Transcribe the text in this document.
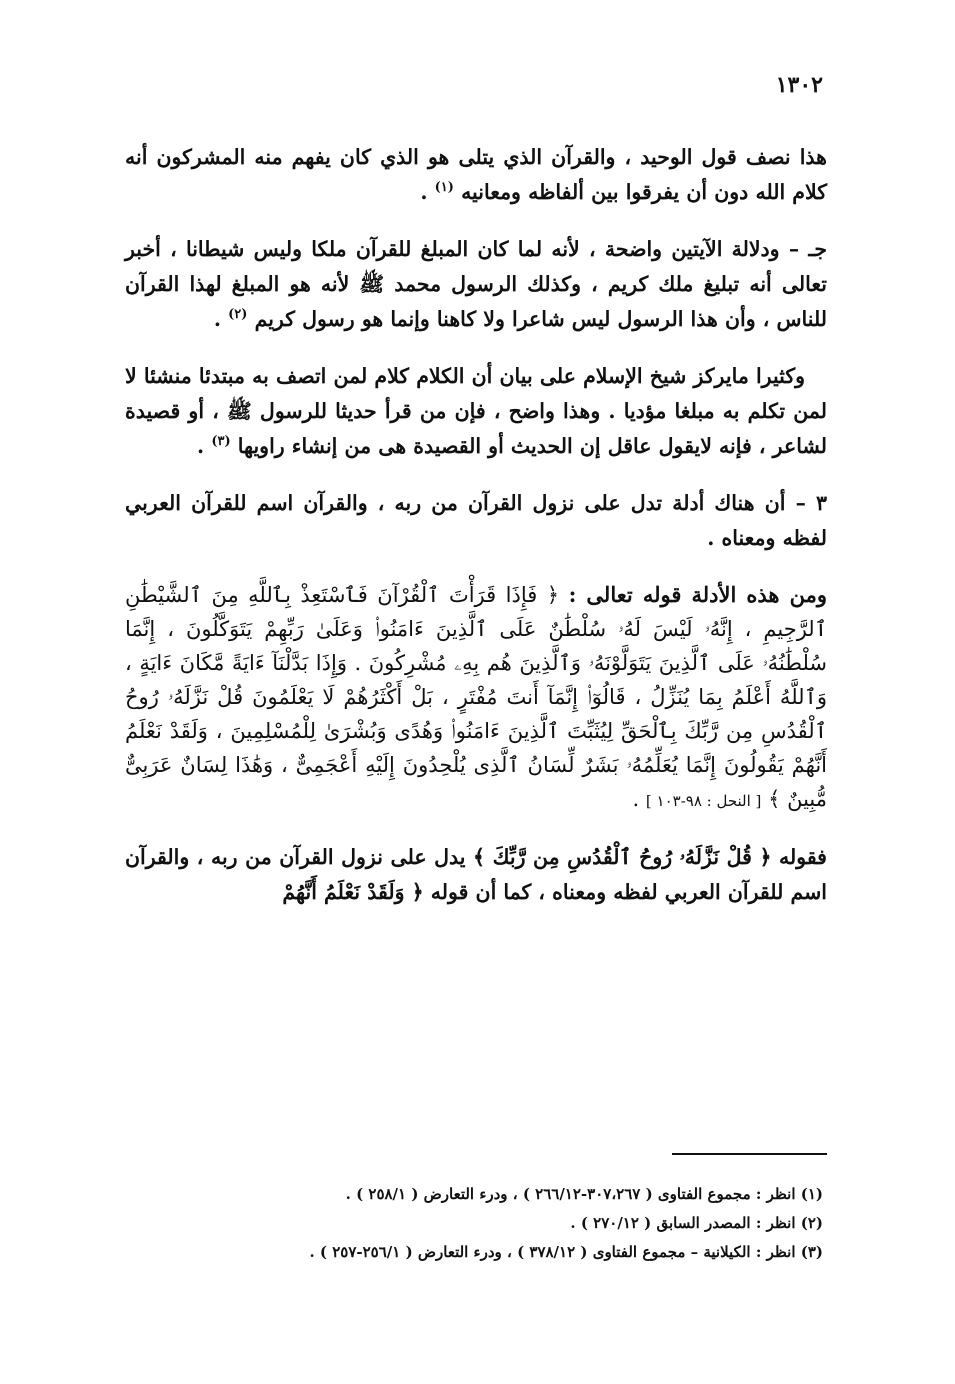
١٣٠٢

هذا نصف قول الوحيد ، والقرآن الذي يتلى هو الذي كان يفهم منه المشركون أنه كلام الله دون أن يفرقوا بين ألفاظه ومعانيه $^{(١)}$ .

جـ – ودلالة الآيتين واضحة ، لأنه لما كان المبلغ للقرآن ملكا وليس شيطانا ، أخبر تعالى أنه تبليغ ملك كريم ، وكذلك الرسول محمد ﷺ لأنه هو المبلغ لهذا القرآن للناس ، وأن هذا الرسول ليس شاعرا ولا كاهنا وإنما هو رسول كريم $^{(٢)}$ .

وكثيرا مايركز شيخ الإسلام على بيان أن الكلام كلام لمن اتصف به مبتدئا منشئا لا لمن تكلم به مبلغا مؤديا . وهذا واضح ، فإن من قرأ حديثا للرسول ﷺ ، أو قصيدة لشاعر ، فإنه لايقول عاقل إن الحديث أو القصيدة هى من إنشاء راويها $^{(٣)}$ .

٣ – أن هناك أدلة تدل على نزول القرآن من ربه ، والقرآن اسم للقرآن العربي لفظه ومعناه .

ومن هذه الأدلة قوله تعالى : ﴿ فَإِذَا قَرَأْتَ ٱلْقُرْآنَ فَٱسْتَعِذْ بِٱللَّهِ مِنَ ٱلشَّيْطَٰنِ ٱلرَّجِيمِ ، إِنَّهُۥ لَيْسَ لَهُۥ سُلْطَٰنٌ عَلَى ٱلَّذِينَ ءَامَنُوا۟ وَعَلَىٰ رَبِّهِمْ يَتَوَكَّلُونَ ، إِنَّمَا سُلْطَٰنُهُۥ عَلَى ٱلَّذِينَ يَتَوَلَّوْنَهُۥ وَٱلَّذِينَ هُم بِهِۦ مُشْرِكُونَ . وَإِذَا بَدَّلْنَآ ءَايَةً مَّكَانَ ءَايَةٍ ، وَٱللَّهُ أَعْلَمُ بِمَا يُنَزِّلُ ، قَالُوٓا۟ إِنَّمَآ أَنتَ مُفْتَرٍ ، بَلْ أَكْثَرُهُمْ لَا يَعْلَمُونَ قُلْ نَزَّلَهُۥ رُوحُ ٱلْقُدُسِ مِن رَّبِّكَ بِٱلْحَقِّ لِيُثَبِّتَ ٱلَّذِينَ ءَامَنُوا۟ وَهُدًى وَبُشْرَىٰ لِلْمُسْلِمِينَ ، وَلَقَدْ نَعْلَمُ أَنَّهُمْ يَقُولُونَ إِنَّمَا يُعَلِّمُهُۥ بَشَرٌ لِّسَانُ ٱلَّذِى يُلْحِدُونَ إِلَيْهِ أَعْجَمِىٌّ ، وَهَٰذَا لِسَانٌ عَرَبِىٌّ مُّبِينٌ ﴾ [ النحل : ٩٨-١٠٣ ] .

فقوله ﴿ قُلْ نَزَّلَهُۥ رُوحُ ٱلْقُدُسِ مِن رَّبِّكَ ﴾ يدل على نزول القرآن من ربه ، والقرآن اسم للقرآن العربي لفظه ومعناه ، كما أن قوله ﴿ وَلَقَدْ نَعْلَمُ أَنَّهُمْ

(١) انظر : مجموع الفتاوى ( ٣٠٧،٢٦٧-٢٦٦/١٢ ) ، ودرء التعارض ( ٢٥٨/١ ) .

(٢) انظر : المصدر السابق ( ٢٧٠/١٢ ) .

(٣) انظر : الكيلانية – مجموع الفتاوى ( ٣٧٨/١٢ ) ، ودرء التعارض ( ٢٥٦/١-٢٥٧ ) .
